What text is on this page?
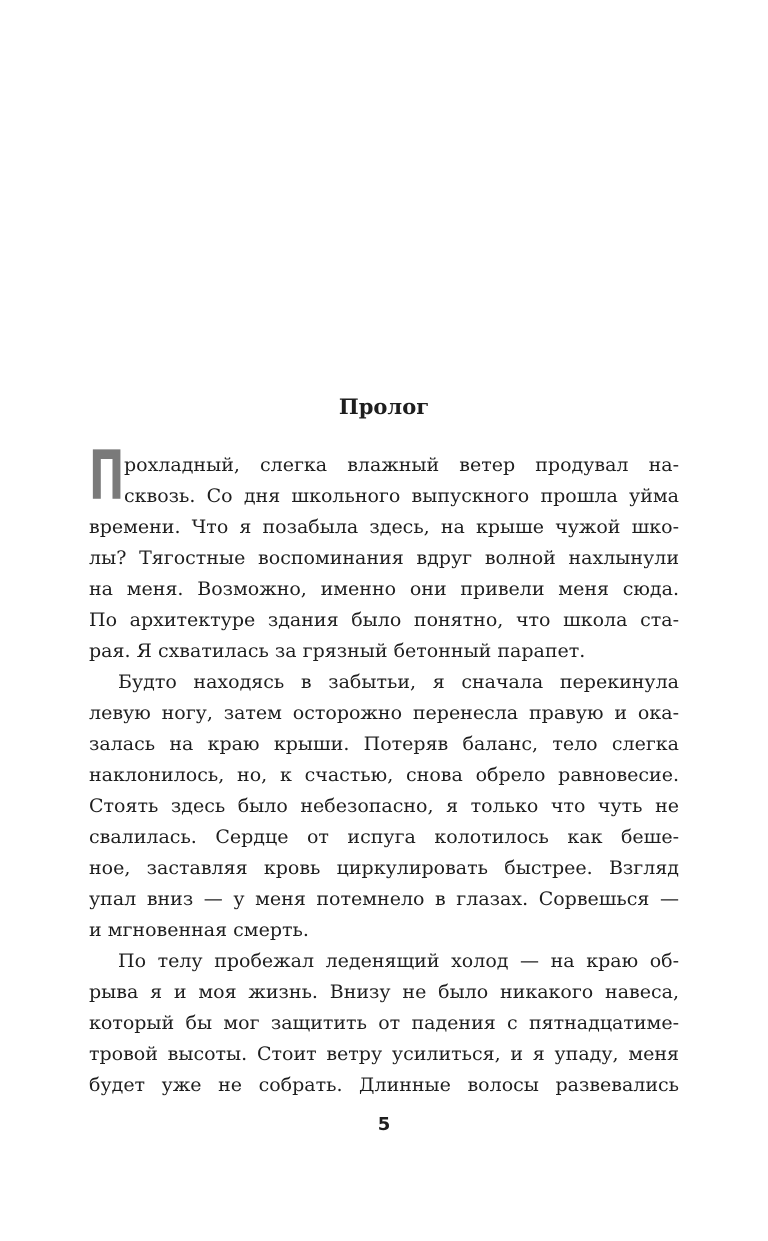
Пролог
П рохладный, слегка влажный ветер продувал на-
сквозь. Со дня школьного выпускного прошла уйма
времени. Что я позабыла здесь, на крыше чужой шко-
лы? Тягостные воспоминания вдруг волной нахлынули
на меня. Возможно, именно они привели меня сюда.
По архитектуре здания было понятно, что школа ста-
рая. Я схватилась за грязный бетонный парапет.
Будто находясь в забытьи, я сначала перекинула
левую ногу, затем осторожно перенесла правую и ока-
залась на краю крыши. Потеряв баланс, тело слегка
наклонилось, но, к счастью, снова обрело равновесие.
Стоять здесь было небезопасно, я только что чуть не
свалилась. Сердце от испуга колотилось как беше-
ное, заставляя кровь циркулировать быстрее. Взгляд
упал вниз — у меня потемнело в глазах. Сорвешься —
и мгновенная смерть.
По телу пробежал леденящий холод — на краю об-
рыва я и моя жизнь. Внизу не было никакого навеса,
который бы мог защитить от падения с пятнадцатиме-
тровой высоты. Стоит ветру усилиться, и я упаду, меня
будет уже не собрать. Длинные волосы развевались
5
